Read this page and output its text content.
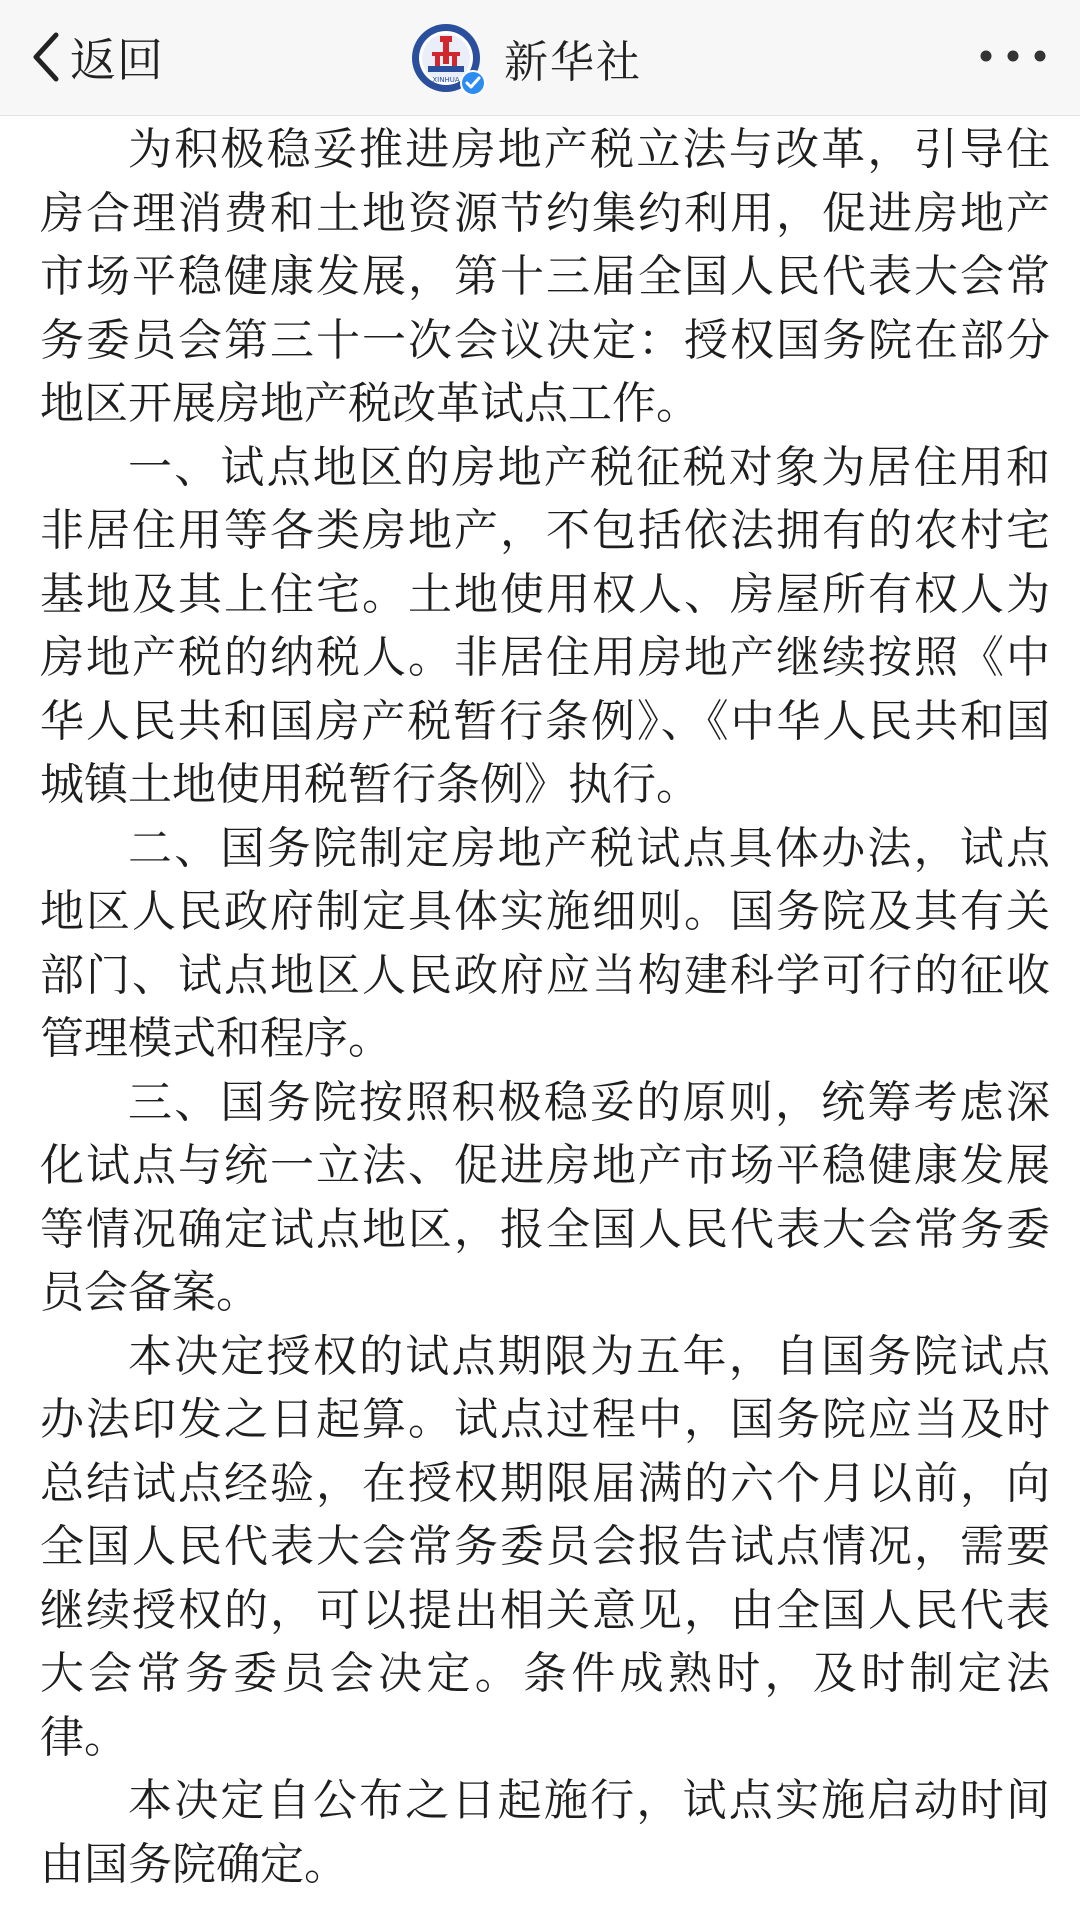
返回	XINHUA 新华社

为积极稳妥推进房地产税立法与改革，引导住房合理消费和土地资源节约集约利用，促进房地产市场平稳健康发展，第十三届全国人民代表大会常务委员会第三十一次会议决定：授权国务院在部分地区开展房地产税改革试点工作。

一、试点地区的房地产税征税对象为居住用和非居住用等各类房地产，不包括依法拥有的农村宅基地及其上住宅。土地使用权人、房屋所有权人为房地产税的纳税人。非居住用房地产继续按照《中华人民共和国房产税暂行条例》、《中华人民共和国城镇土地使用税暂行条例》执行。

二、国务院制定房地产税试点具体办法，试点地区人民政府制定具体实施细则。国务院及其有关部门、试点地区人民政府应当构建科学可行的征收管理模式和程序。

三、国务院按照积极稳妥的原则，统筹考虑深化试点与统一立法、促进房地产市场平稳健康发展等情况确定试点地区，报全国人民代表大会常务委员会备案。

本决定授权的试点期限为五年，自国务院试点办法印发之日起算。试点过程中，国务院应当及时总结试点经验，在授权期限届满的六个月以前，向全国人民代表大会常务委员会报告试点情况，需要继续授权的，可以提出相关意见，由全国人民代表大会常务委员会决定。条件成熟时，及时制定法律。

本决定自公布之日起施行，试点实施启动时间由国务院确定。
